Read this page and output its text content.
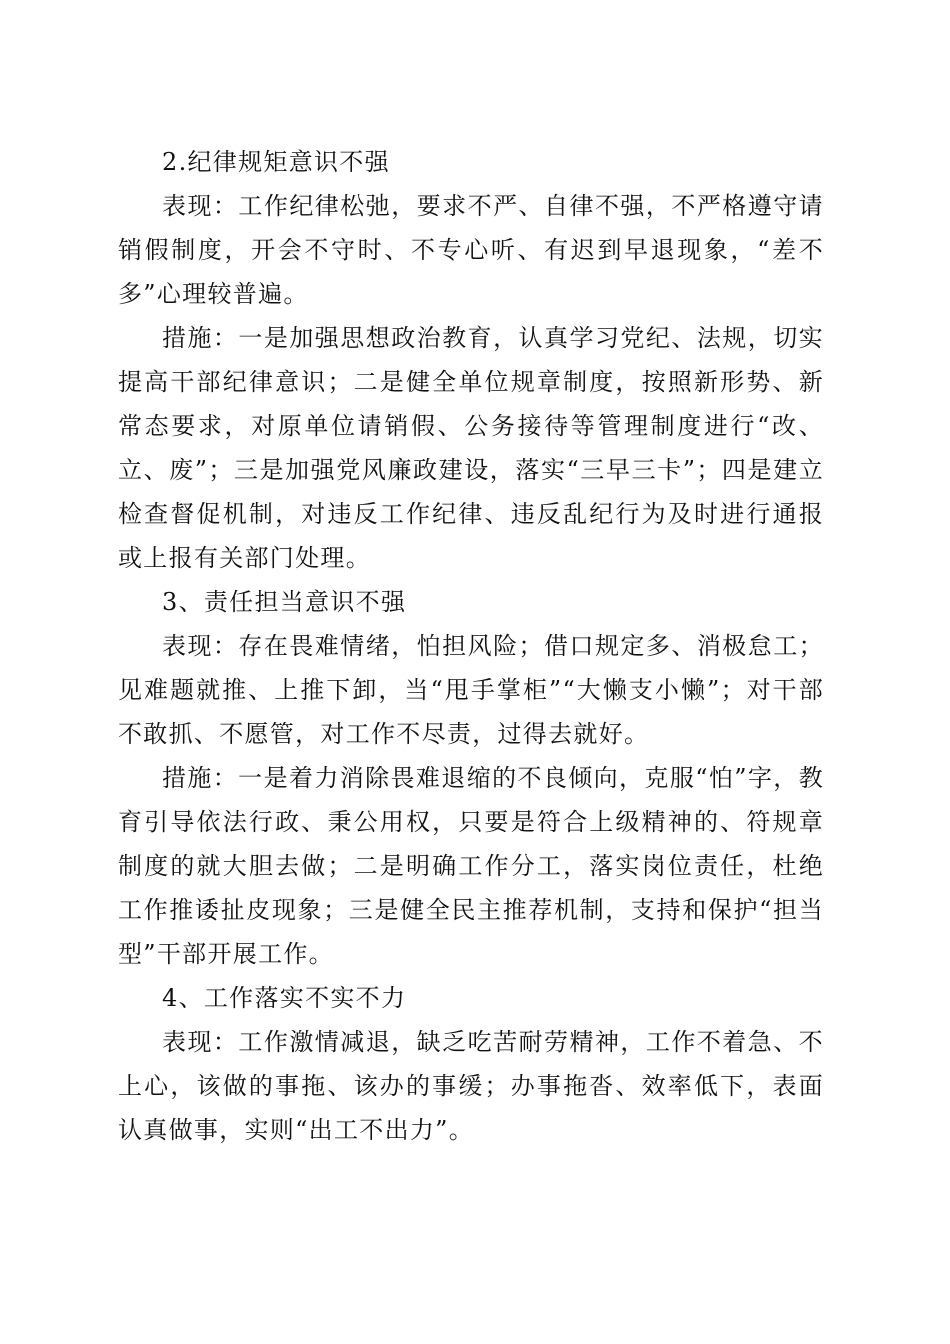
2.纪律规矩意识不强

表现：工作纪律松弛，要求不严、自律不强，不严格遵守请销假制度，开会不守时、不专心听、有迟到早退现象，“差不多”心理较普遍。

措施：一是加强思想政治教育，认真学习党纪、法规，切实提高干部纪律意识；二是健全单位规章制度，按照新形势、新常态要求，对原单位请销假、公务接待等管理制度进行“改、立、废”；三是加强党风廉政建设，落实“三早三卡”；四是建立检查督促机制，对违反工作纪律、违反乱纪行为及时进行通报或上报有关部门处理。

3、责任担当意识不强

表现：存在畏难情绪，怕担风险；借口规定多、消极怠工；见难题就推、上推下卸，当“甩手掌柜”“大懒支小懒”；对干部不敢抓、不愿管，对工作不尽责，过得去就好。

措施：一是着力消除畏难退缩的不良倾向，克服“怕”字，教育引导依法行政、秉公用权，只要是符合上级精神的、符规章制度的就大胆去做；二是明确工作分工，落实岗位责任，杜绝工作推诿扯皮现象；三是健全民主推荐机制，支持和保护“担当型”干部开展工作。

4、工作落实不实不力

表现：工作激情减退，缺乏吃苦耐劳精神，工作不着急、不上心，该做的事拖、该办的事缓；办事拖沓、效率低下，表面认真做事，实则“出工不出力”。
